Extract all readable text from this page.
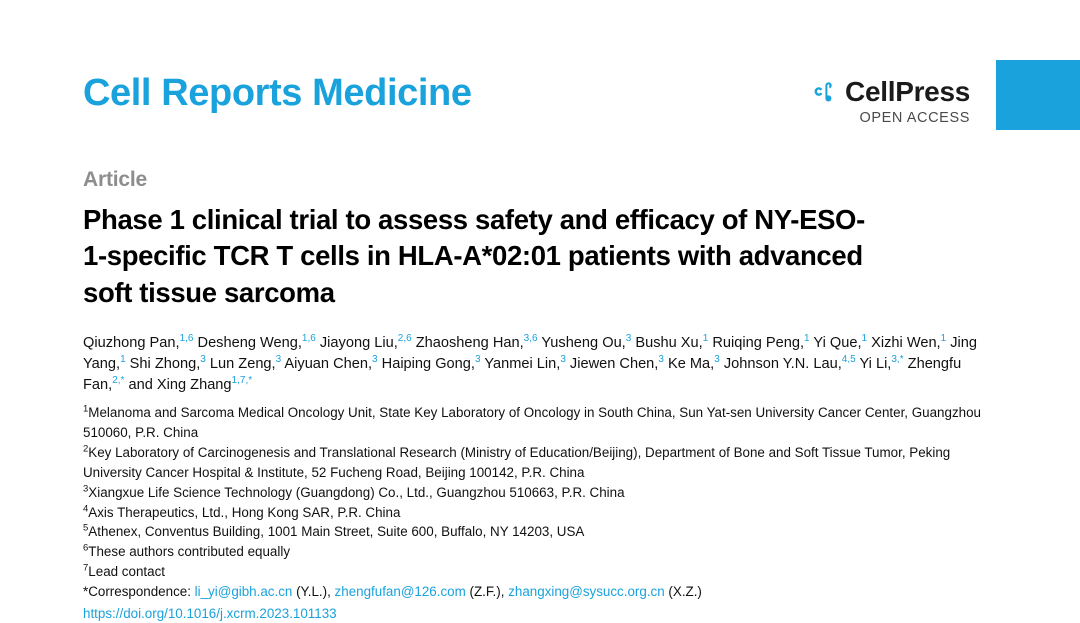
Cell Reports Medicine	CellPress
OPEN ACCESS
Article
Phase 1 clinical trial to assess safety and efficacy of NY-ESO-1-specific TCR T cells in HLA-A*02:01 patients with advanced soft tissue sarcoma
Qiuzhong Pan,$^{1,6}$ Desheng Weng,$^{1,6}$ Jiayong Liu,$^{2,6}$ Zhaosheng Han,$^{3,6}$ Yusheng Ou,$^3$ Bushu Xu,$^1$ Ruiqing Peng,$^1$ Yi Que,$^1$ Xizhi Wen,$^1$ Jing Yang,$^1$ Shi Zhong,$^3$ Lun Zeng,$^3$ Aiyuan Chen,$^3$ Haiping Gong,$^3$ Yanmei Lin,$^3$ Jiewen Chen,$^3$ Ke Ma,$^3$ Johnson Y.N. Lau,$^{4,5}$ Yi Li,$^{3,*}$ Zhengfu Fan,$^{2,*}$ and Xing Zhang$^{1,7,*}$

$^1$Melanoma and Sarcoma Medical Oncology Unit, State Key Laboratory of Oncology in South China, Sun Yat-sen University Cancer Center, Guangzhou 510060, P.R. China

$^2$Key Laboratory of Carcinogenesis and Translational Research (Ministry of Education/Beijing), Department of Bone and Soft Tissue Tumor, Peking University Cancer Hospital & Institute, 52 Fucheng Road, Beijing 100142, P.R. China

$^3$Xiangxue Life Science Technology (Guangdong) Co., Ltd., Guangzhou 510663, P.R. China

$^4$Axis Therapeutics, Ltd., Hong Kong SAR, P.R. China

$^5$Athenex, Conventus Building, 1001 Main Street, Suite 600, Buffalo, NY 14203, USA

$^6$These authors contributed equally

$^7$Lead contact

*Correspondence: li_yi@gibh.ac.cn (Y.L.), zhengfufan@126.com (Z.F.), zhangxing@sysucc.org.cn (X.Z.)
https://doi.org/10.1016/j.xcrm.2023.101133
